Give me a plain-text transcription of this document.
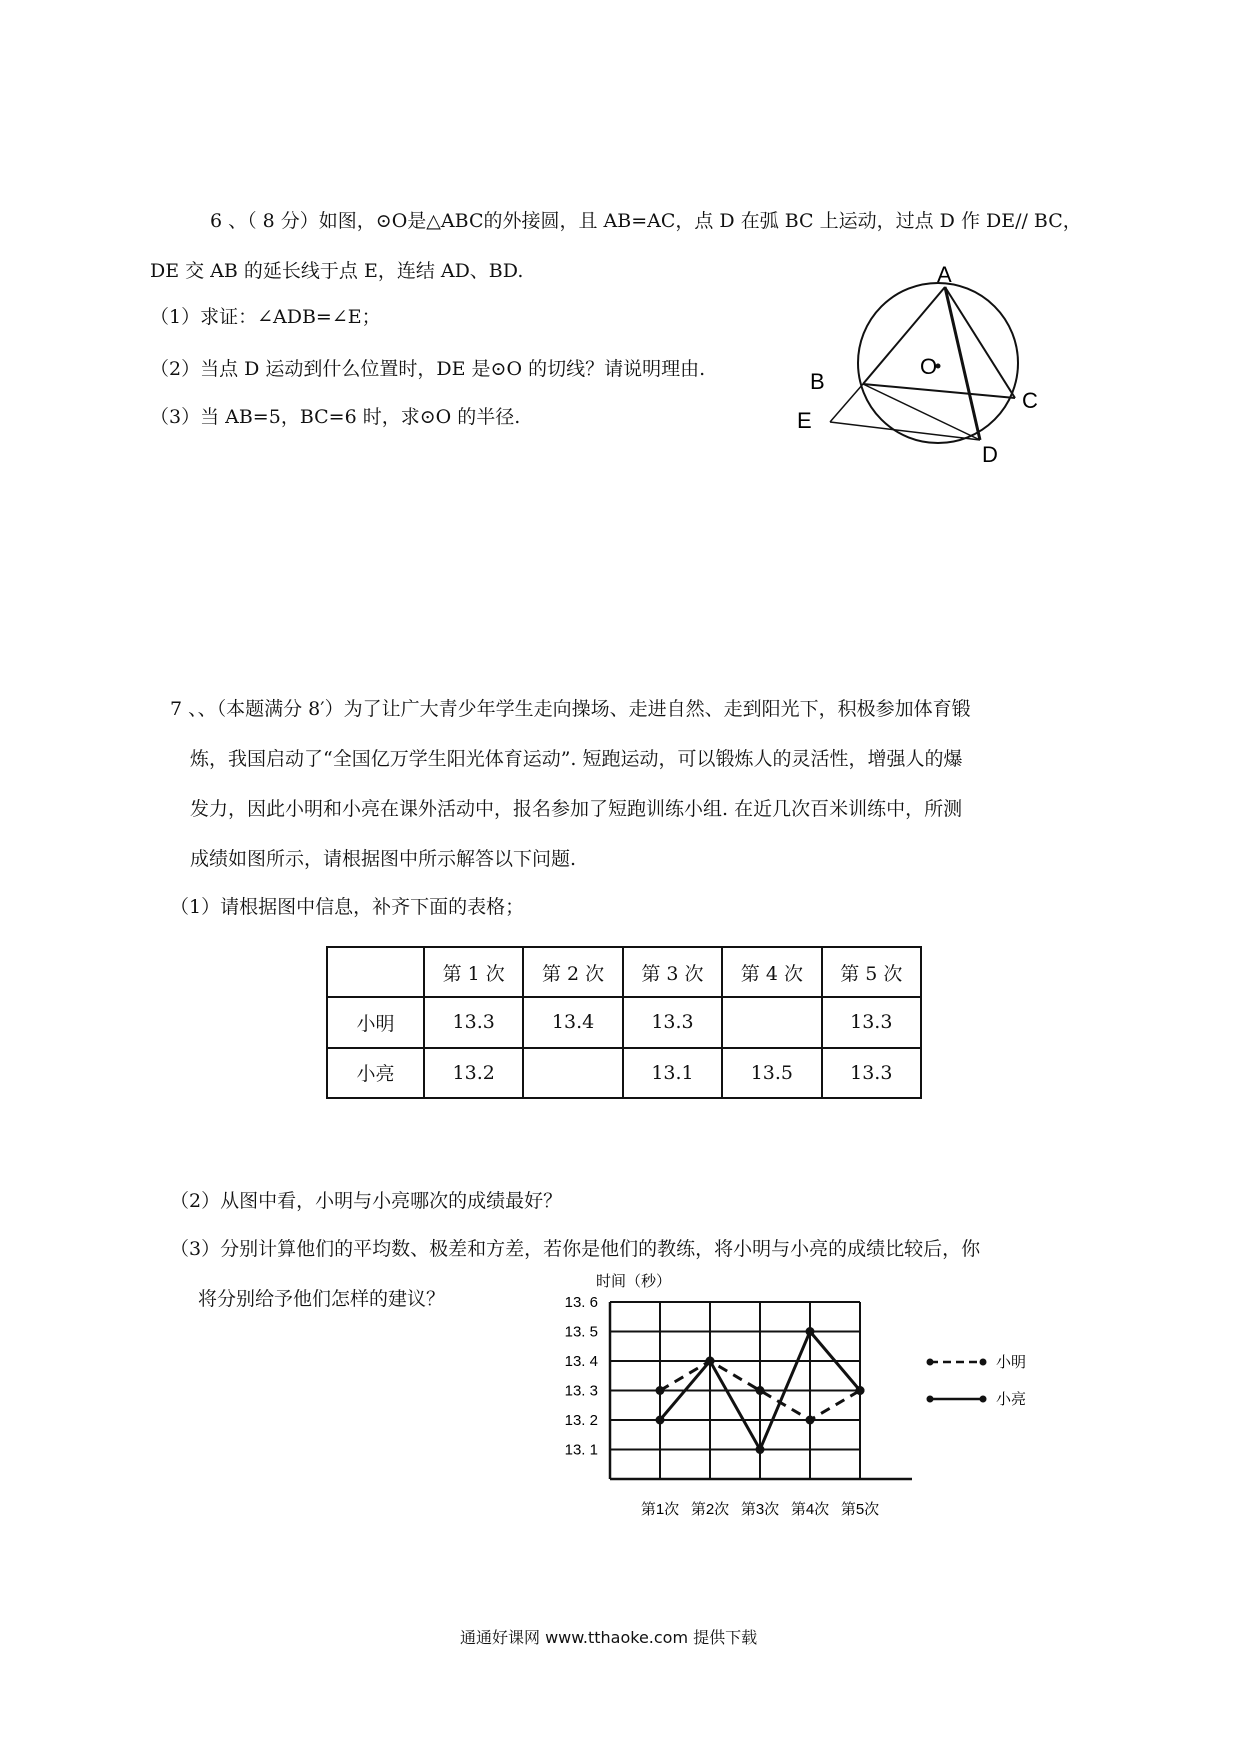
6 、（ 8 分）如图，⊙O是△ABC的外接圆，且 AB=AC，点 D 在弧 BC 上运动，过点 D 作 DE// BC，
DE 交 AB 的延长线于点 E，连结 AD、BD.
（1）求证：∠ADB=∠E；
（2）当点 D 运动到什么位置时，DE 是⊙O 的切线？请说明理由.
（3）当 AB=5，BC=6 时，求⊙O 的半径.
A
B
C
D
E
O
7 、、（本题满分 8′）为了让广大青少年学生走向操场、走进自然、走到阳光下，积极参加体育锻
炼，我国启动了“全国亿万学生阳光体育运动”. 短跑运动，可以锻炼人的灵活性，增强人的爆
发力，因此小明和小亮在课外活动中，报名参加了短跑训练小组. 在近几次百米训练中，所测
成绩如图所示，请根据图中所示解答以下问题.
（1）请根据图中信息，补齐下面的表格；
	第 1 次	第 2 次	第 3 次	第 4 次	第 5 次
小明	13.3	13.4	13.3		13.3
小亮	13.2		13.1	13.5	13.3
（2）从图中看，小明与小亮哪次的成绩最好？
（3）分别计算他们的平均数、极差和方差，若你是他们的教练，将小明与小亮的成绩比较后，你
将分别给予他们怎样的建议？
时间（秒）
13. 1
13. 2
13. 3
13. 4
13. 5
13. 6
第1次 第2次 第3次 第4次 第5次
小明
小亮
通通好课网 www.tthaoke.com 提供下载
